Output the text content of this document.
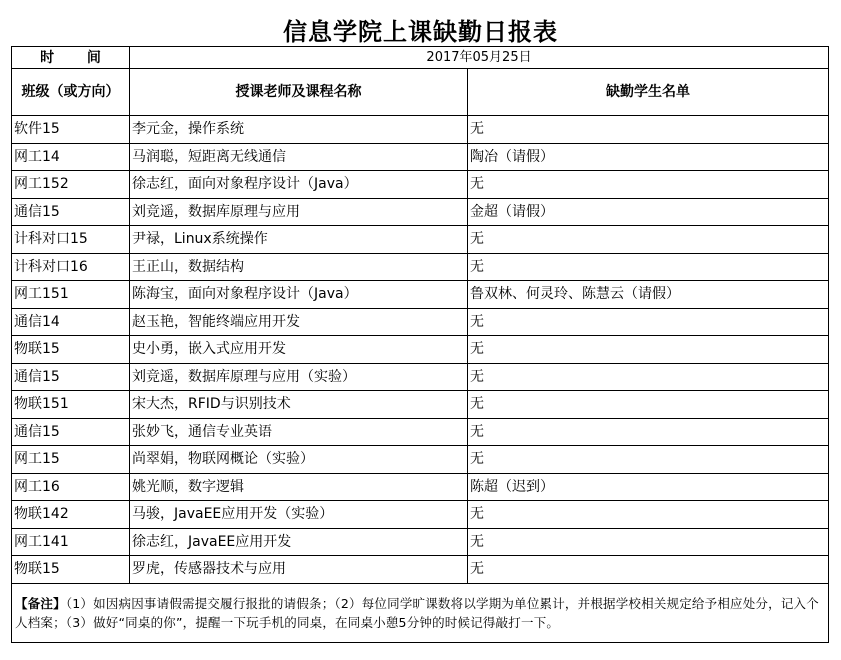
信息学院上课缺勤日报表
时 间	2017年05月25日	
班级（或方向）	授课老师及课程名称	缺勤学生名单
软件15	李元金，操作系统	无
网工14	马润聪，短距离无线通信	陶冶（请假）
网工152	徐志红，面向对象程序设计（Java）	无
通信15	刘竞遥，数据库原理与应用	金超（请假）
计科对口15	尹禄，Linux系统操作	无
计科对口16	王正山，数据结构	无
网工151	陈海宝，面向对象程序设计（Java）	鲁双林、何灵玲、陈慧云（请假）
通信14	赵玉艳，智能终端应用开发	无
物联15	史小勇，嵌入式应用开发	无
通信15	刘竞遥，数据库原理与应用（实验）	无
物联151	宋大杰，RFID与识别技术	无
通信15	张妙飞，通信专业英语	无
网工15	尚翠娟，物联网概论（实验）	无
网工16	姚光顺，数字逻辑	陈超（迟到）
物联142	马骏，JavaEE应用开发（实验）	无
网工141	徐志红，JavaEE应用开发	无
物联15	罗虎，传感器技术与应用	无
【备注】（1）如因病因事请假需提交履行报批的请假条；（2）每位同学旷课数将以学期为单位累计，并根据学校相关规定给予相应处分，记入个人档案；（3）做好“同桌的你”，提醒一下玩手机的同桌，在同桌小憩5分钟的时候记得敲打一下。		
